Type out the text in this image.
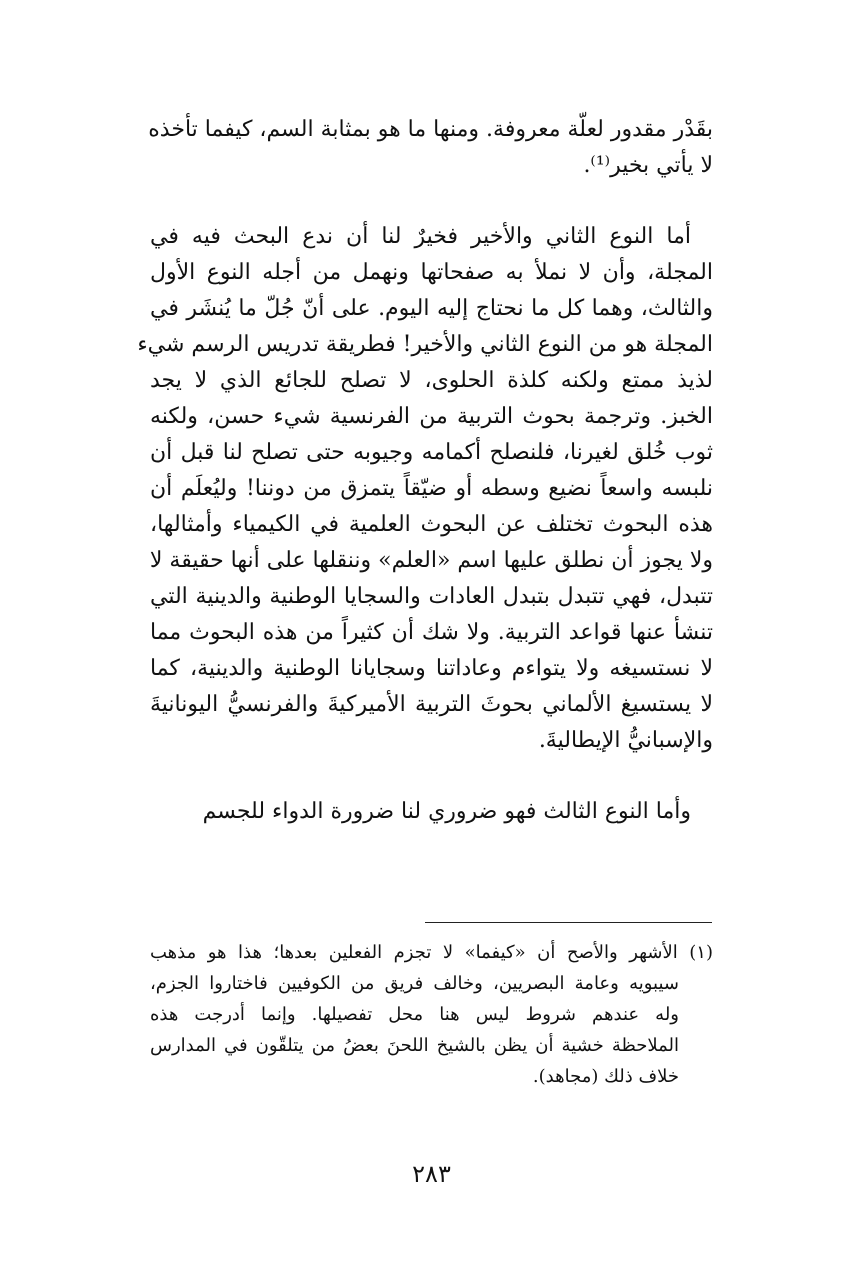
بقَدْر مقدور لعلّة معروفة. ومنها ما هو بمثابة السم، كيفما تأخذه
لا يأتي بخير⁽¹⁾.
أما النوع الثاني والأخير فخيرٌ لنا أن ندع البحث فيه في
المجلة، وأن لا نملأ به صفحاتها ونهمل من أجله النوع الأول
والثالث، وهما كل ما نحتاج إليه اليوم. على أنّ جُلّ ما يُنشَر في
المجلة هو من النوع الثاني والأخير! فطريقة تدريس الرسم شيء
لذيذ ممتع ولكنه كلذة الحلوى، لا تصلح للجائع الذي لا يجد
الخبز. وترجمة بحوث التربية من الفرنسية شيء حسن، ولكنه
ثوب خُلق لغيرنا، فلنصلح أكمامه وجيوبه حتى تصلح لنا قبل أن
نلبسه واسعاً نضيع وسطه أو ضيّقاً يتمزق من دوننا! وليُعلَم أن
هذه البحوث تختلف عن البحوث العلمية في الكيمياء وأمثالها،
ولا يجوز أن نطلق عليها اسم «العلم» وننقلها على أنها حقيقة لا
تتبدل، فهي تتبدل بتبدل العادات والسجايا الوطنية والدينية التي
تنشأ عنها قواعد التربية. ولا شك أن كثيراً من هذه البحوث مما
لا نستسيغه ولا يتواءم وعاداتنا وسجايانا الوطنية والدينية، كما
لا يستسيغ الألماني بحوثَ التربية الأميركيةَ والفرنسيُّ اليونانيةَ
والإسبانيُّ الإيطاليةَ.
وأما النوع الثالث فهو ضروري لنا ضرورة الدواء للجسم
(١) الأشهر والأصح أن «كيفما» لا تجزم الفعلين بعدها؛ هذا هو مذهب
سيبويه وعامة البصريين، وخالف فريق من الكوفيين فاختاروا الجزم،
وله عندهم شروط ليس هنا محل تفصيلها. وإنما أدرجت هذه
الملاحظة خشية أن يظن بالشيخ اللحنَ بعضُ من يتلقّون في المدارس
خلاف ذلك (مجاهد).
٢٨٣
